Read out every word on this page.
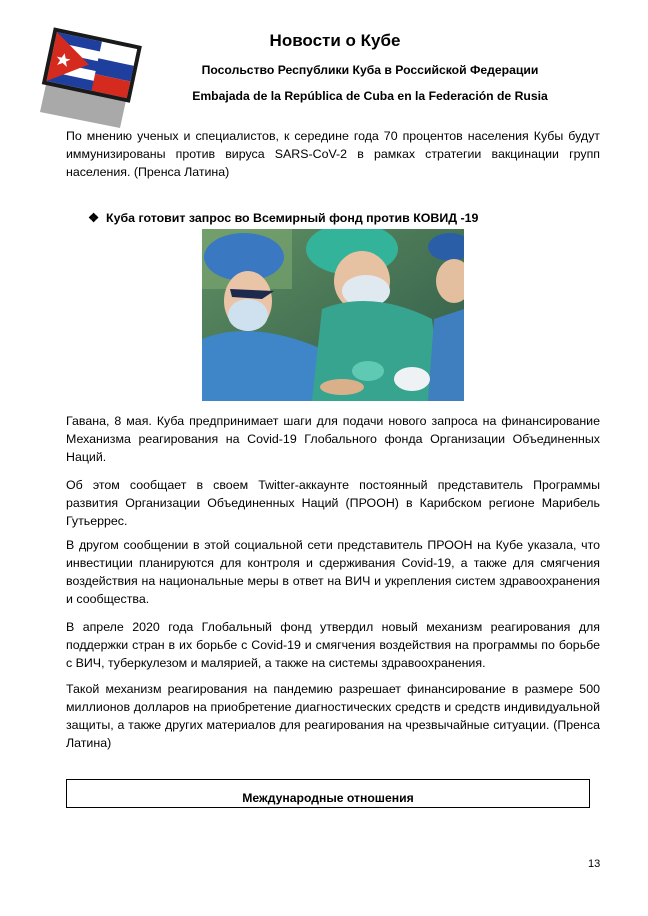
Новости о Кубе
Посольство Республики Куба в Российской Федерации
Embajada de la República de Cuba en la Federación de Rusia

По мнению ученых и специалистов, к середине года 70 процентов населения Кубы будут иммунизированы против вируса SARS-CoV-2 в рамках стратегии вакцинации групп населения. (Пренса Латина)

❖ Куба готовит запрос во Всемирный фонд против КОВИД -19

Гавана, 8 мая. Куба предпринимает шаги для подачи нового запроса на финансирование Механизма реагирования на Covid-19 Глобального фонда Организации Объединенных Наций.

Об этом сообщает в своем Twitter-аккаунте постоянный представитель Программы развития Организации Объединенных Наций (ПРООН) в Карибском регионе Марибель Гутьеррес.

В другом сообщении в этой социальной сети представитель ПРООН на Кубе указала, что инвестиции планируются для контроля и сдерживания Covid-19, а также для смягчения воздействия на национальные меры в ответ на ВИЧ и укрепления систем здравоохранения и сообщества.

В апреле 2020 года Глобальный фонд утвердил новый механизм реагирования для поддержки стран в их борьбе с Covid-19 и смягчения воздействия на программы по борьбе с ВИЧ, туберкулезом и малярией, а также на системы здравоохранения.

Такой механизм реагирования на пандемию разрешает финансирование в размере 500 миллионов долларов на приобретение диагностических средств и средств индивидуальной защиты, а также других материалов для реагирования на чрезвычайные ситуации. (Пренса Латина)

Международные отношения
13
